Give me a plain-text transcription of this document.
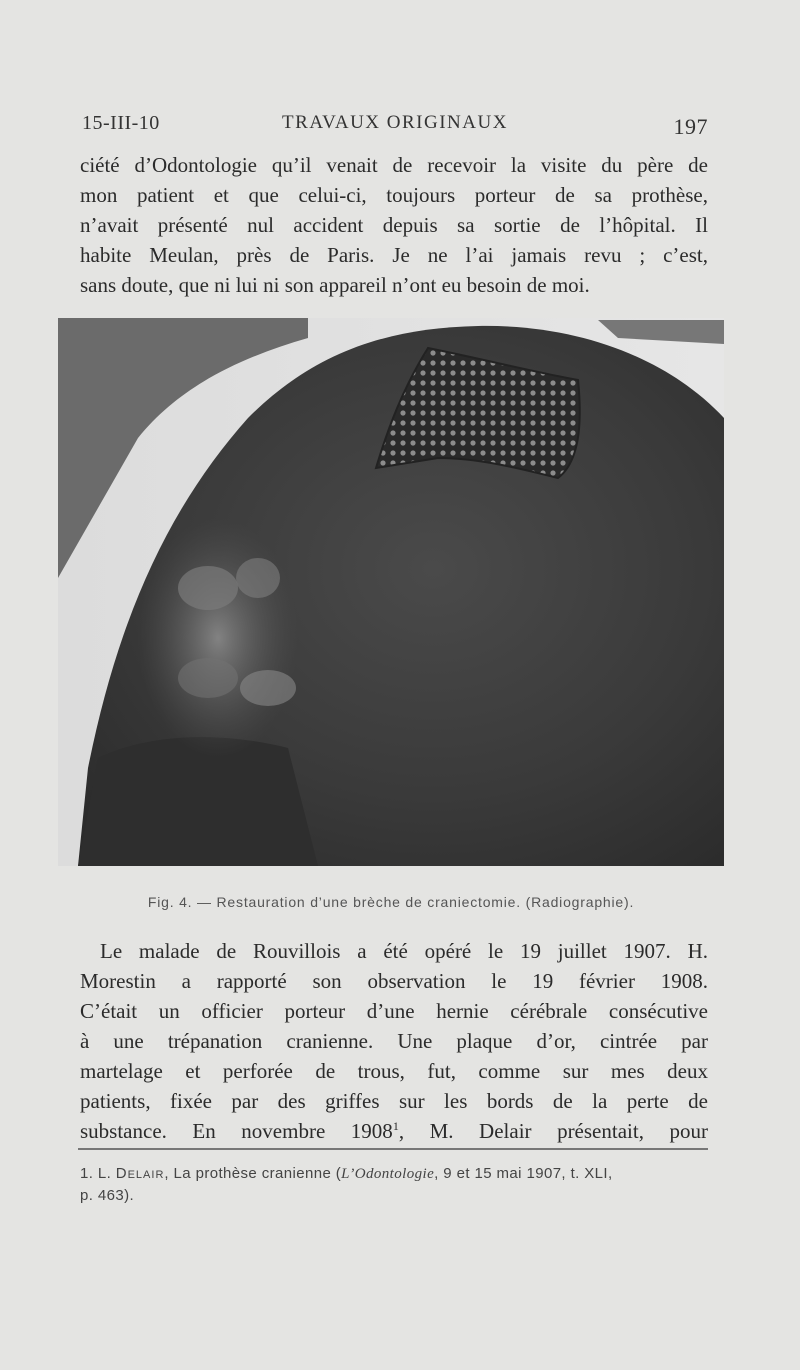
15-III-10	TRAVAUX ORIGINAUX	197

ciété d’Odontologie qu’il venait de recevoir la visite du père de

mon patient et que celui-ci, toujours porteur de sa prothèse,

n’avait présenté nul accident depuis sa sortie de l’hôpital. Il

habite Meulan, près de Paris. Je ne l’ai jamais revu ; c’est,

sans doute, que ni lui ni son appareil n’ont eu besoin de moi.

Fig. 4. — Restauration d’une brèche de craniectomie. (Radiographie).

Le malade de Rouvillois a été opéré le 19 juillet 1907. H.

Morestin a rapporté son observation le 19 février 1908.

C’était un officier porteur d’une hernie cérébrale consécutive

à une trépanation cranienne. Une plaque d’or, cintrée par

martelage et perforée de trous, fut, comme sur mes deux

patients, fixée par des griffes sur les bords de la perte de

substance. En novembre 1908$^1$, M. Delair présentait, pour

1. L. Delair, La prothèse cranienne (L’Odontologie, 9 et 15 mai 1907, t. XLI,
p. 463).
